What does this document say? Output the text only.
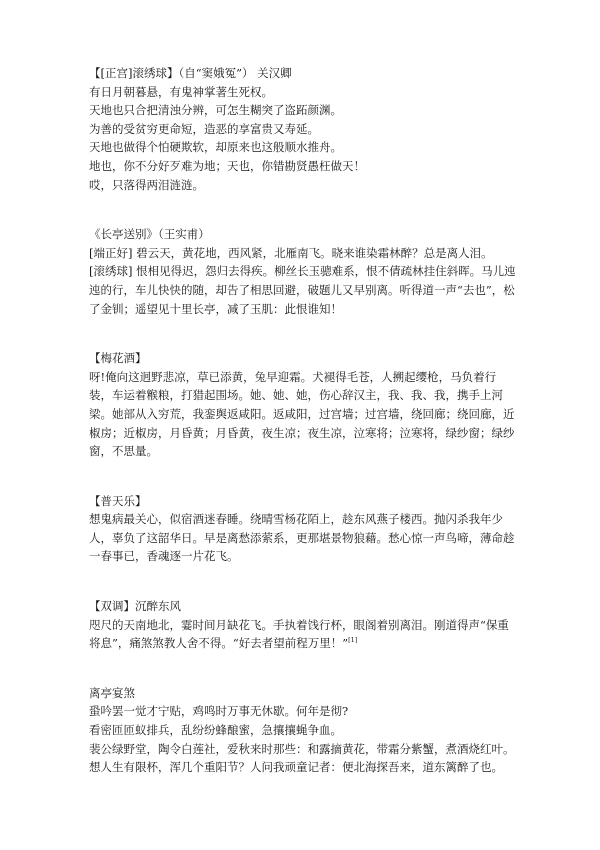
【[正宫]滚绣球】（自“窦娥冤”） 关汉卿

有日月朝暮悬，有鬼神掌著生死权。

天地也只合把清浊分辨，可怎生糊突了盗跖颜渊。

为善的受贫穷更命短，造恶的享富贵又寿延。

天地也做得个怕硬欺软，却原来也这般顺水推舟。

地也，你不分好歹难为地；天也，你错勘贤愚枉做天！

哎，只落得两泪涟涟。

《长亭送别》（王实甫）

[端正好] 碧云天，黄花地，西风紧，北雁南飞。晓来谁染霜林醉？总是离人泪。

[滚绣球] 恨相见得迟，怨归去得疾。柳丝长玉骢难系，恨不倩疏林挂住斜晖。马儿迍迍的行，车儿快快的随，却告了相思回避，破题儿又早别离。听得道一声“去也”，松了金钏；遥望见十里长亭，减了玉肌：此恨谁知！

【梅花酒】

呀!俺向这迥野悲凉，草已添黄，兔早迎霜。犬褪得毛苍，人搠起缨枪，马负着行装，车运着糇粮，打猎起围场。她、她、她，伤心辞汉主，我、我、我，携手上河梁。她部从入穷荒，我銮舆返咸阳。返咸阳，过宫墙；过宫墙，绕回廊；绕回廊，近椒房；近椒房，月昏黄；月昏黄，夜生凉；夜生凉，泣寒将；泣寒将，绿纱窗；绿纱窗，不思量。

【普天乐】

想鬼病最关心，似宿酒迷春睡。绕晴雪杨花陌上，趁东风燕子楼西。抛闪杀我年少人，辜负了这韶华日。早是离愁添萦系，更那堪景物狼藉。愁心惊一声鸟啼，薄命趁一春事已，香魂逐一片花飞。

【双调】沉醉东风

咫尺的天南地北，霎时间月缺花飞。手执着饯行杯，眼阁着别离泪。刚道得声“保重将息”，痛煞煞教人舍不得。“好去者望前程万里！”[1]

离亭宴煞

蛩吟罢一觉才宁贴，鸡鸣时万事无休歇。何年是彻?

看密匝匝蚁排兵，乱纷纷蜂酿蜜，急攘攘蝇争血。

裴公绿野堂，陶令白莲社，爱秋来时那些：和露摘黄花，带霜分紫蟹，煮酒烧红叶。

想人生有限杯，浑几个重阳节？人问我顽童记者：便北海探吾来，道东篱醉了也。
